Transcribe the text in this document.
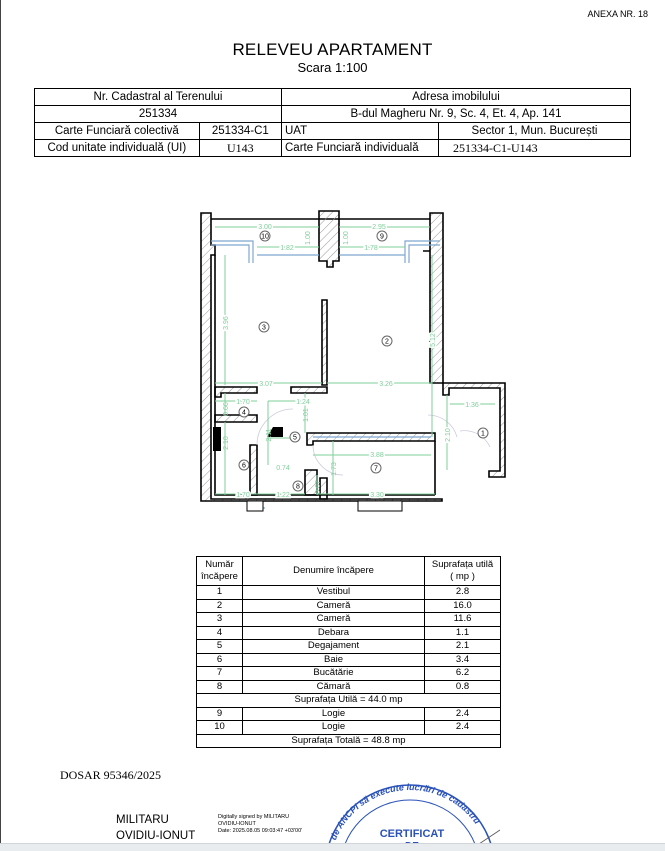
ANEXA NR. 18
RELEVEU APARTAMENT
Scara 1:100
Nr. Cadastral al Terenului		Adresa imobilului	
251334		B-dul Magheru Nr. 9, Sc. 4, Et. 4, Ap. 141	
Carte Funciară colectivă	251334-C1	UAT	Sector 1, Mun. București
Cod unitate individuală (UI)	U143	Carte Funciară individuală	251334-C1-U143
3.00	2.95
1.82	1.78
1.00	1.00
3.96
5.12
3.07	3.26
1.70	1.24	1.36
0.66	1.01
2.11
2.10
2.10
3.88
0.74	1.73
0.67
1.70	1.22	3.30
1
2
3
4
5
6	7
8
9
10
Număr încăpere	Denumire încăpere	Suprafața utilă
( mp )
1	Vestibul	2.8
2	Cameră	16.0
3	Cameră	11.6
4	Debara	1.1
5	Degajament	2.1
6	Baie	3.4
7	Bucătărie	6.2
8	Cămară	0.8
Suprafața Utilă = 44.0 mp		
9	Logie	2.4
10	Logie	2.4
Suprafața Totală = 48.8 mp		
DOSAR 95346/2025
MILITARU
OVIDIU-IONUT
Digitally signed by MILITARU
OVIDIU-IONUT
Date: 2025.08.05 09:03:47 +03'00'
de ANCPI să execute lucrări de cadastru
CERTIFICAT
